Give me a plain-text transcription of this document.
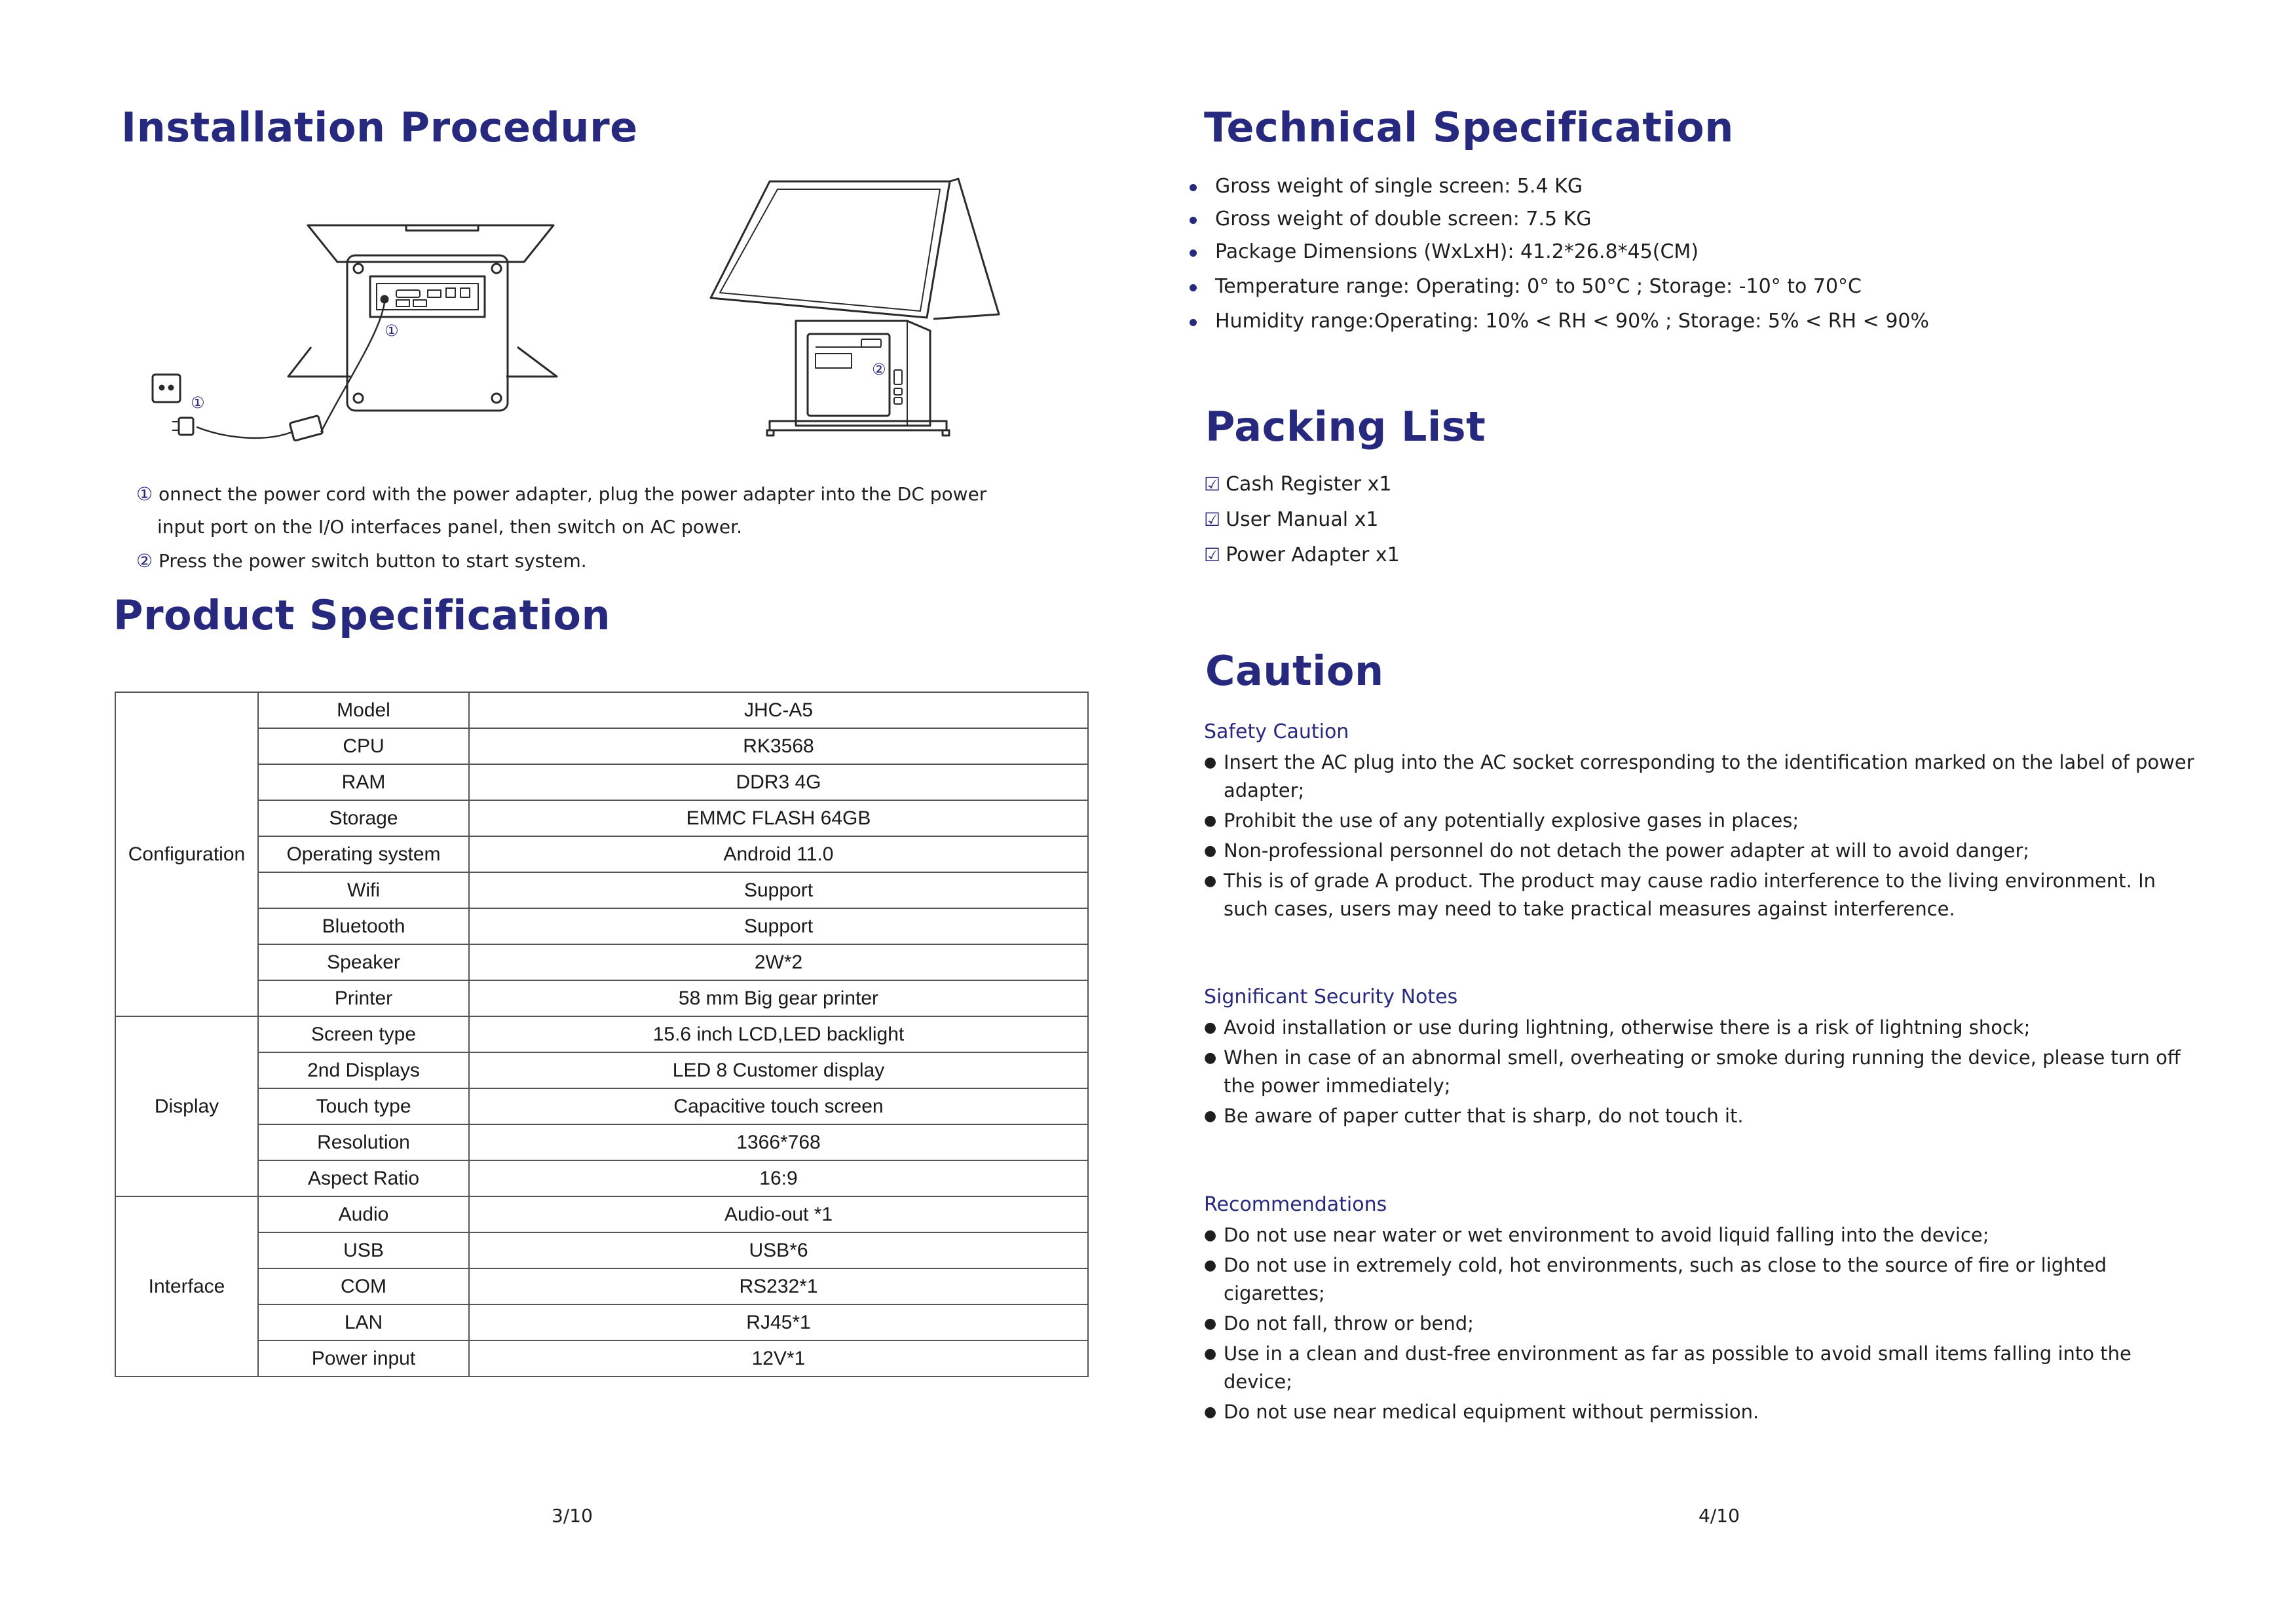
Installation Procedure
①
①
②
① onnect the power cord with the power adapter, plug the power adapter into the DC power
input port on the I/O interfaces panel, then switch on AC power.
② Press the power switch button to start system.
Product Specification
Configuration	Model	JHC-A5
	CPU	RK3568
	RAM	DDR3 4G
	Storage	EMMC FLASH 64GB
	Operating system	Android 11.0
	Wifi	Support
	Bluetooth	Support
	Speaker	2W*2
	Printer	58 mm Big gear printer
Display	Screen type	15.6 inch LCD,LED backlight
	2nd Displays	LED 8 Customer display
	Touch type	Capacitive touch screen
	Resolution	1366*768
	Aspect Ratio	16:9
Interface	Audio	Audio-out *1
	USB	USB*6
	COM	RS232*1
	LAN	RJ45*1
	Power input	12V*1
3/10
Technical Specification
Gross weight of single screen: 5.4 KG
Gross weight of double screen: 7.5 KG
Package Dimensions (WxLxH): 41.2*26.8*45(CM)
Temperature range: Operating: 0° to 50°C ; Storage: -10° to 70°C
Humidity range:Operating: 10% < RH < 90% ; Storage: 5% < RH < 90%
Packing List
☑ Cash Register x1
☑ User Manual x1
☑ Power Adapter x1
Caution
Safety Caution
● Insert the AC plug into the AC socket corresponding to the identification marked on the label of power adapter;
● Prohibit the use of any potentially explosive gases in places;
● Non-professional personnel do not detach the power adapter at will to avoid danger;
● This is of grade A product. The product may cause radio interference to the living environment. In such cases, users may need to take practical measures against interference.
Significant Security Notes
● Avoid installation or use during lightning, otherwise there is a risk of lightning shock;
● When in case of an abnormal smell, overheating or smoke during running the device, please turn off the power immediately;
● Be aware of paper cutter that is sharp, do not touch it.
Recommendations
● Do not use near water or wet environment to avoid liquid falling into the device;
● Do not use in extremely cold, hot environments, such as close to the source of fire or lighted cigarettes;
● Do not fall, throw or bend;
● Use in a clean and dust-free environment as far as possible to avoid small items falling into the device;
● Do not use near medical equipment without permission.
4/10
